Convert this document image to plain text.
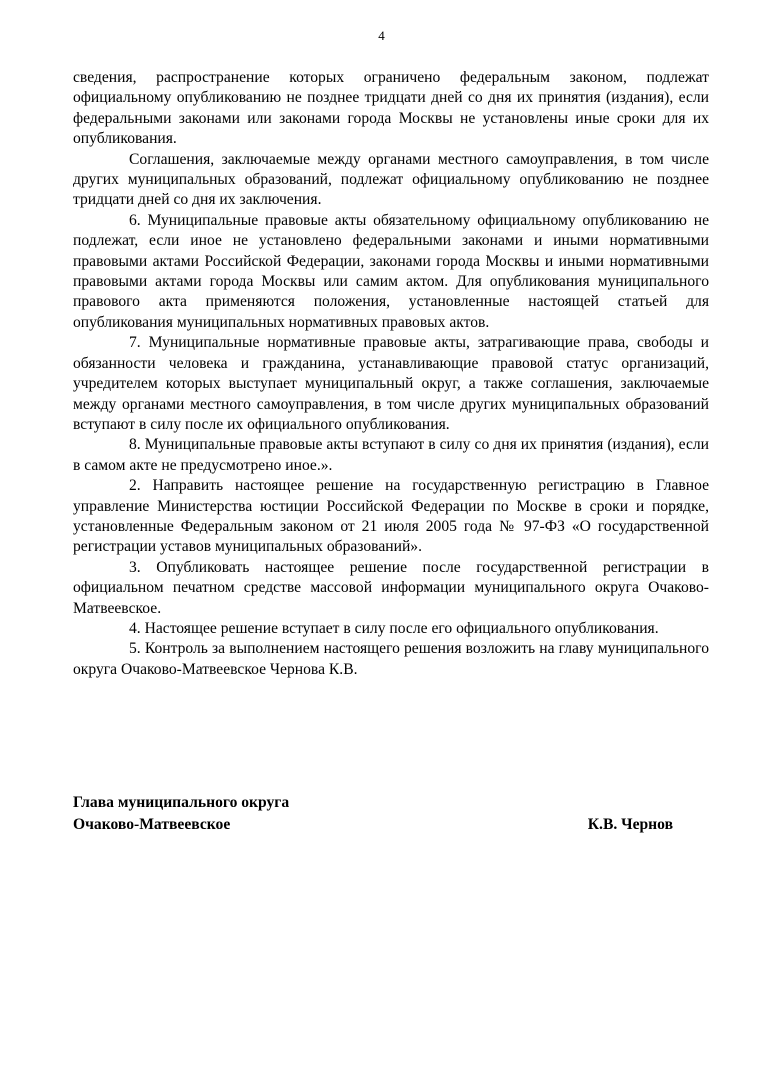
4

сведения, распространение которых ограничено федеральным законом, подлежат официальному опубликованию не позднее тридцати дней со дня их принятия (издания), если федеральными законами или законами города Москвы не установлены иные сроки для их опубликования.

Соглашения, заключаемые между органами местного самоуправления, в том числе других муниципальных образований, подлежат официальному опубликованию не позднее тридцати дней со дня их заключения.

6. Муниципальные правовые акты обязательному официальному опубликованию не подлежат, если иное не установлено федеральными законами и иными нормативными правовыми актами Российской Федерации, законами города Москвы и иными нормативными правовыми актами города Москвы или самим актом. Для опубликования муниципального правового акта применяются положения, установленные настоящей статьей для опубликования муниципальных нормативных правовых актов.

7. Муниципальные нормативные правовые акты, затрагивающие права, свободы и обязанности человека и гражданина, устанавливающие правовой статус организаций, учредителем которых выступает муниципальный округ, а также соглашения, заключаемые между органами местного самоуправления, в том числе других муниципальных образований вступают в силу после их официального опубликования.

8. Муниципальные правовые акты вступают в силу со дня их принятия (издания), если в самом акте не предусмотрено иное.».

2. Направить настоящее решение на государственную регистрацию в Главное управление Министерства юстиции Российской Федерации по Москве в сроки и порядке, установленные Федеральным законом от 21 июля 2005 года № 97-ФЗ «О государственной регистрации уставов муниципальных образований».

3. Опубликовать настоящее решение после государственной регистрации в официальном печатном средстве массовой информации муниципального округа Очаково-Матвеевское.

4. Настоящее решение вступает в силу после его официального опубликования.

5. Контроль за выполнением настоящего решения возложить на главу муниципального округа Очаково-Матвеевское Чернова К.В.

Глава муниципального округа
Очаково-Матвеевское	К.В. Чернов
